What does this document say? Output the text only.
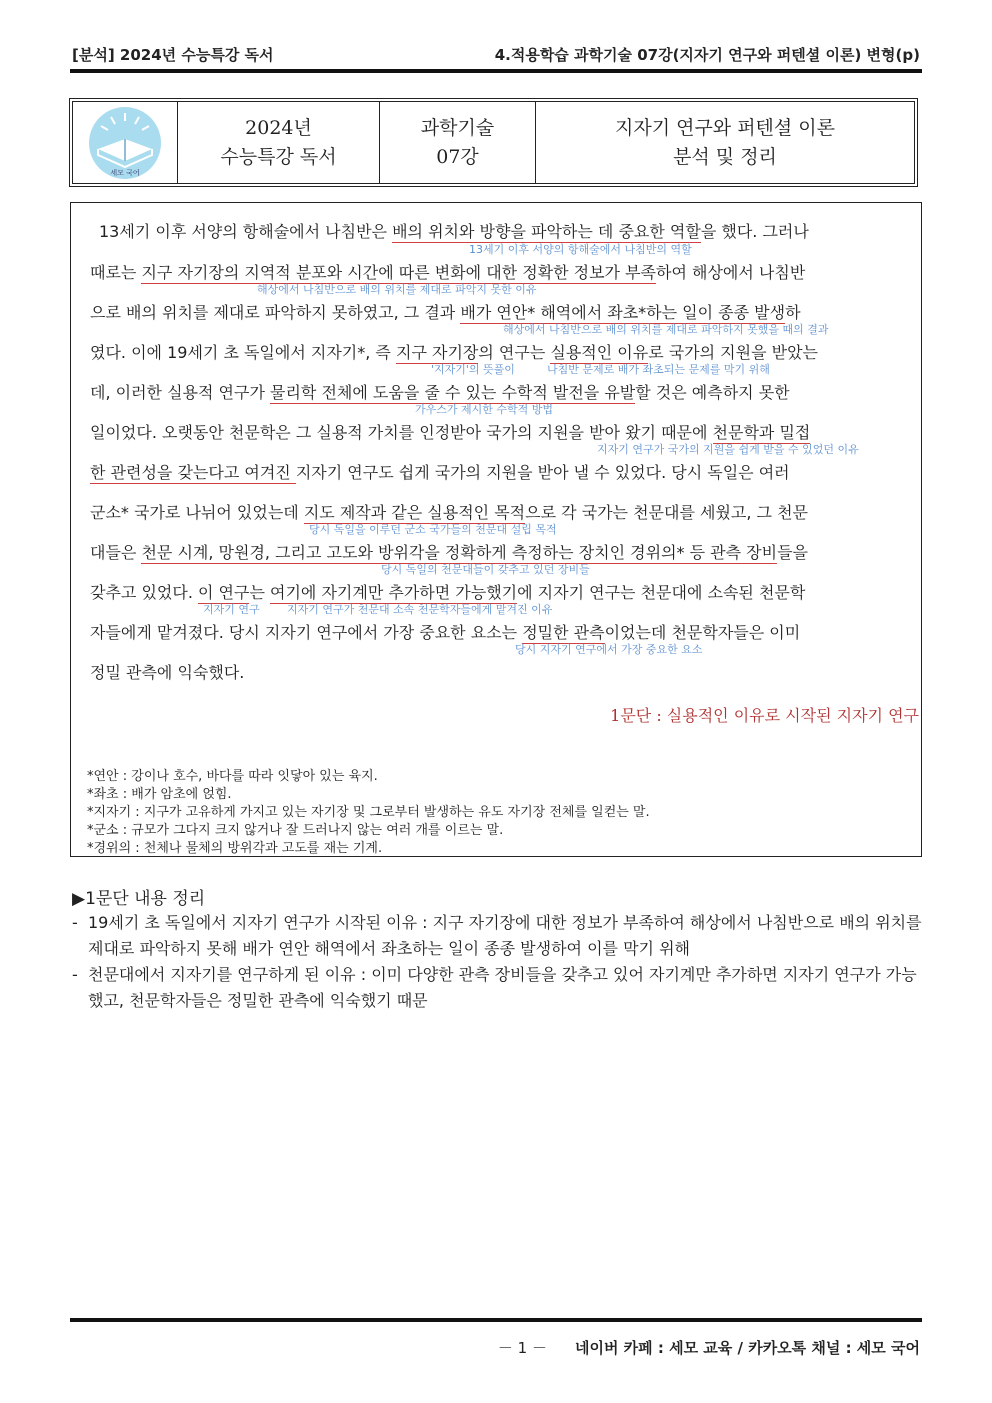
[분석] 2024년 수능특강 독서	4.적용학습 과학기술 07강(지자기 연구와 퍼텐셜 이론) 변형(p)
세모 국어
2024년
수능특강 독서
과학기술
07강
지자기 연구와 퍼텐셜 이론
분석 및 정리
13세기 이후 서양의 항해술에서 나침반은 배의 위치와 방향을 파악하는 데 중요한 역할을 했다. 그러나
13세기 이후 서양의 항해술에서 나침반의 역할
때로는 지구 자기장의 지역적 분포와 시간에 따른 변화에 대한 정확한 정보가 부족하여 해상에서 나침반
해상에서 나침반으로 배의 위치를 제대로 파악지 못한 이유
으로 배의 위치를 제대로 파악하지 못하였고, 그 결과 배가 연안* 해역에서 좌초*하는 일이 종종 발생하
해상에서 나침반으로 배의 위치를 제대로 파악하지 못했을 때의 결과
였다. 이에 19세기 초 독일에서 지자기*, 즉 지구 자기장의 연구는 실용적인 이유로 국가의 지원을 받았는
'지자기'의 뜻풀이	나침반 문제로 배가 좌초되는 문제를 막기 위해
데, 이러한 실용적 연구가 물리학 전체에 도움을 줄 수 있는 수학적 발전을 유발할 것은 예측하지 못한
가우스가 제시한 수학적 방법
일이었다. 오랫동안 천문학은 그 실용적 가치를 인정받아 국가의 지원을 받아 왔기 때문에 천문학과 밀접
지자기 연구가 국가의 지원을 쉽게 받을 수 있었던 이유
한 관련성을 갖는다고 여겨진 지자기 연구도 쉽게 국가의 지원을 받아 낼 수 있었다. 당시 독일은 여러
군소* 국가로 나뉘어 있었는데 지도 제작과 같은 실용적인 목적으로 각 국가는 천문대를 세웠고, 그 천문
당시 독일을 이루던 군소 국가들의 천문대 설립 목적
대들은 천문 시계, 망원경, 그리고 고도와 방위각을 정확하게 측정하는 장치인 경위의* 등 관측 장비들을
당시 독일의 천문대들이 갖추고 있던 장비들
갖추고 있었다. 이 연구는 여기에 자기계만 추가하면 가능했기에 지자기 연구는 천문대에 소속된 천문학
지자기 연구 지자기 연구가 천문대 소속 천문학자들에게 맡겨진 이유
자들에게 맡겨졌다. 당시 지자기 연구에서 가장 중요한 요소는 정밀한 관측이었는데 천문학자들은 이미
당시 지자기 연구에서 가장 중요한 요소
정밀 관측에 익숙했다.
1문단 : 실용적인 이유로 시작된 지자기 연구
*연안 : 강이나 호수, 바다를 따라 잇닿아 있는 육지.
*좌초 : 배가 암초에 얹힘.
*지자기 : 지구가 고유하게 가지고 있는 자기장 및 그로부터 발생하는 유도 자기장 전체를 일컫는 말.
*군소 : 규모가 그다지 크지 않거나 잘 드러나지 않는 여러 개를 이르는 말.
*경위의 : 천체나 물체의 방위각과 고도를 재는 기계.
▶1문단 내용 정리
- 19세기 초 독일에서 지자기 연구가 시작된 이유 : 지구 자기장에 대한 정보가 부족하여 해상에서 나침반으로 배의 위치를 제대로 파악하지 못해 배가 연안 해역에서 좌초하는 일이 종종 발생하여 이를 막기 위해
- 천문대에서 지자기를 연구하게 된 이유 : 이미 다양한 관측 장비들을 갖추고 있어 자기계만 추가하면 지자기 연구가 가능했고, 천문학자들은 정밀한 관측에 익숙했기 때문
－ 1 － 네이버 카페 : 세모 교육 / 카카오톡 채널 : 세모 국어
